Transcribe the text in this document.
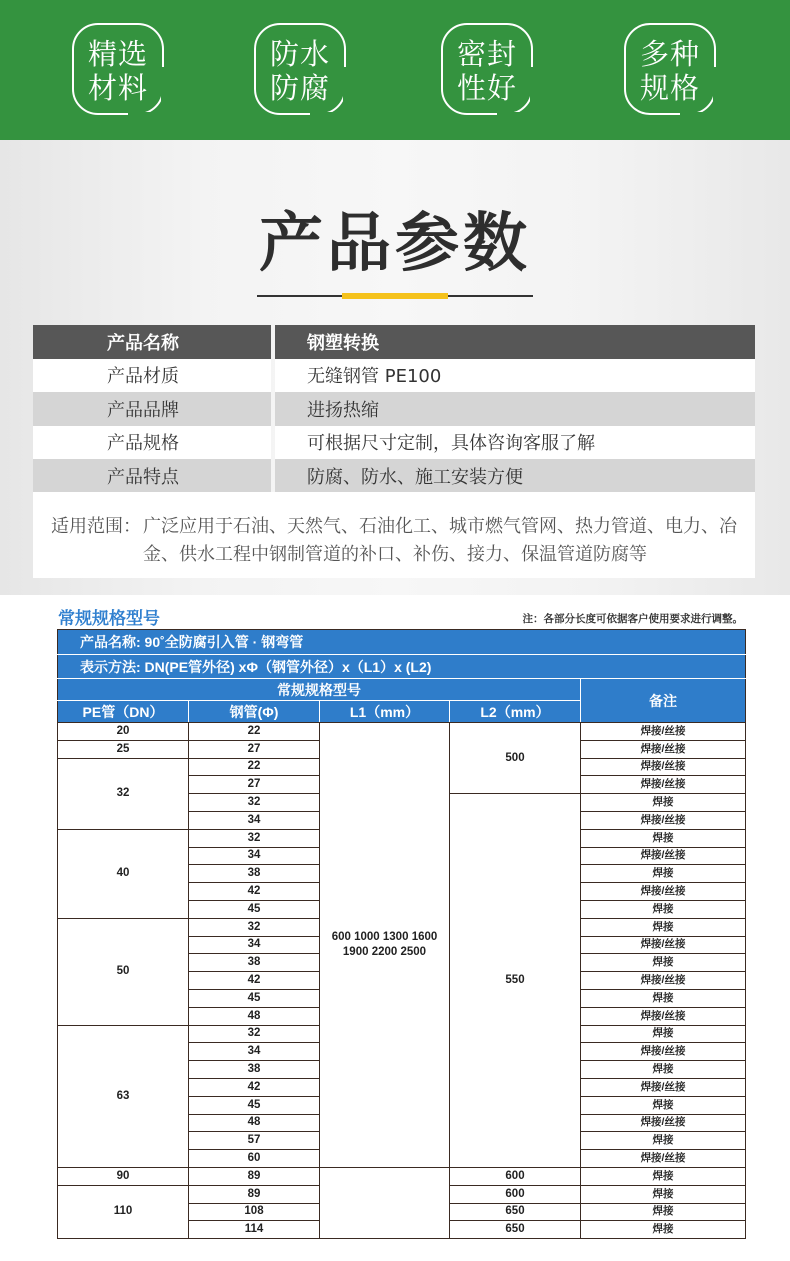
精选
材料
防水
防腐
密封
性好
多种
规格
产品参数
产品名称	钢塑转换
产品材质	无缝钢管 PE100
产品品牌	进扬热缩
产品规格	可根据尺寸定制，具体咨询客服了解
产品特点	防腐、防水、施工安装方便
适用范围： 广泛应用于石油、天然气、石油化工、城市燃气管网、热力管道、电力、冶金、供水工程中钢制管道的补口、补伤、接力、保温管道防腐等
常规规格型号	注：各部分长度可依据客户使用要求进行调整。
产品名称: 90˚全防腐引入管 · 钢弯管				
表示方法: DN(PE管外径) xΦ（钢管外径）x（L1）x (L2)				
常规规格型号				备注
PE管（DN）	钢管(Φ)	L1（mm）	L2（mm）	
20	22	600 1000 1300 1600 1900 2200 2500	500	焊接/丝接
25	27			焊接/丝接
32	22			焊接/丝接
	27			焊接/丝接
	32		550	焊接
	34			焊接/丝接
40	32			焊接
	34			焊接/丝接
	38			焊接
	42			焊接/丝接
	45			焊接
50	32			焊接
	34			焊接/丝接
	38			焊接
	42			焊接/丝接
	45			焊接
	48			焊接/丝接
63	32			焊接
	34			焊接/丝接
	38			焊接
	42			焊接/丝接
	45			焊接
	48			焊接/丝接
	57			焊接
	60			焊接/丝接
90	89		600	焊接
110	89		600	焊接
	108		650	焊接
	114		650	焊接
